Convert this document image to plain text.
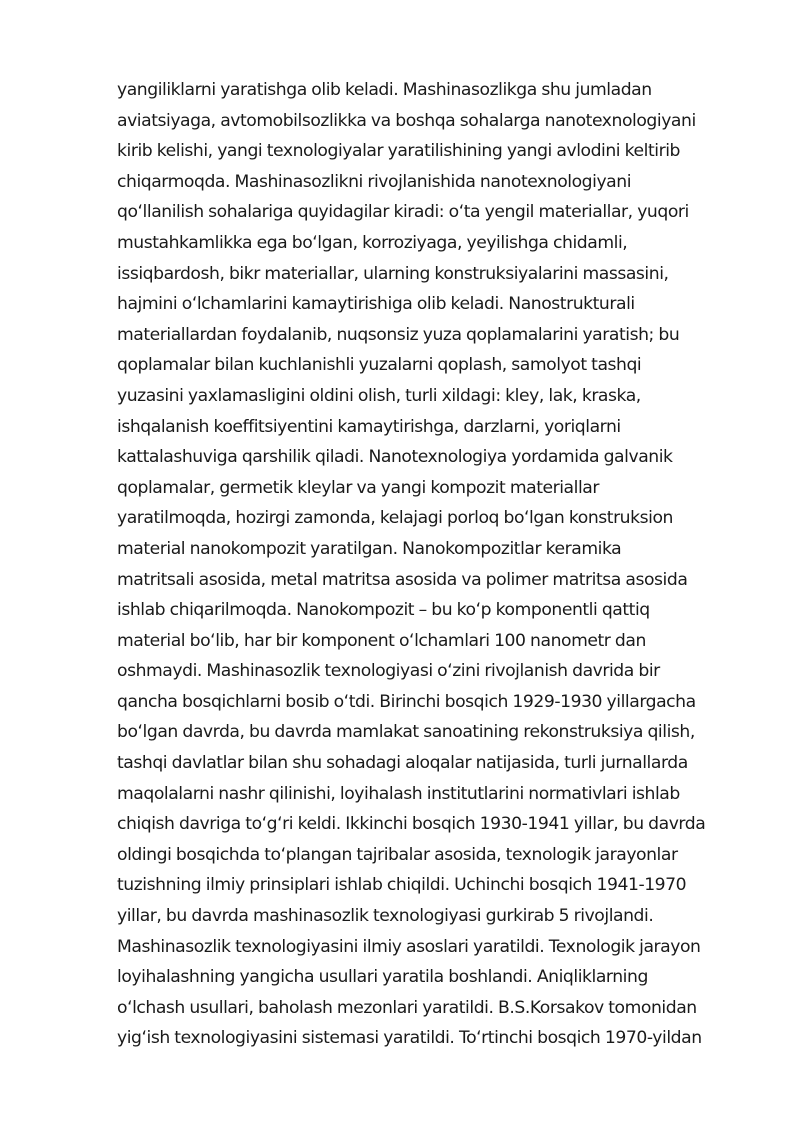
yangiliklarni yaratishga olib keladi. Mashinasozlikga shu jumladan
aviatsiyaga, avtomobilsozlikka va boshqa sohalarga nanotexnologiyani
kirib kelishi, yangi texnologiyalar yaratilishining yangi avlodini keltirib
chiqarmoqda. Mashinasozlikni rivojlanishida nanotexnologiyani
qoʻllanilish sohalariga quyidagilar kiradi: oʻta yengil materiallar, yuqori
mustahkamlikka ega boʻlgan, korroziyaga, yeyilishga chidamli,
issiqbardosh, bikr materiallar, ularning konstruksiyalarini massasini,
hajmini oʻlchamlarini kamaytirishiga olib keladi. Nanostrukturali
materiallardan foydalanib, nuqsonsiz yuza qoplamalarini yaratish; bu
qoplamalar bilan kuchlanishli yuzalarni qoplash, samolyot tashqi
yuzasini yaxlamasligini oldini olish, turli xildagi: kley, lak, kraska,
ishqalanish koeffitsiyentini kamaytirishga, darzlarni, yoriqlarni
kattalashuviga qarshilik qiladi. Nanotexnologiya yordamida galvanik
qoplamalar, germetik kleylar va yangi kompozit materiallar
yaratilmoqda, hozirgi zamonda, kelajagi porloq boʻlgan konstruksion
material nanokompozit yaratilgan. Nanokompozitlar keramika
matritsali asosida, metal matritsa asosida va polimer matritsa asosida
ishlab chiqarilmoqda. Nanokompozit – bu koʻp komponentli qattiq
material boʻlib, har bir komponent oʻlchamlari 100 nanometr dan
oshmaydi. Mashinasozlik texnologiyasi oʻzini rivojlanish davrida bir
qancha bosqichlarni bosib oʻtdi. Birinchi bosqich 1929-1930 yillargacha
boʻlgan davrda, bu davrda mamlakat sanoatining rekonstruksiya qilish,
tashqi davlatlar bilan shu sohadagi aloqalar natijasida, turli jurnallarda
maqolalarni nashr qilinishi, loyihalash institutlarini normativlari ishlab
chiqish davriga toʻgʻri keldi. Ikkinchi bosqich 1930-1941 yillar, bu davrda
oldingi bosqichda toʻplangan tajribalar asosida, texnologik jarayonlar
tuzishning ilmiy prinsiplari ishlab chiqildi. Uchinchi bosqich 1941-1970
yillar, bu davrda mashinasozlik texnologiyasi gurkirab 5 rivojlandi.
Mashinasozlik texnologiyasini ilmiy asoslari yaratildi. Texnologik jarayon
loyihalashning yangicha usullari yaratila boshlandi. Aniqliklarning
oʻlchash usullari, baholash mezonlari yaratildi. B.S.Korsakov tomonidan
yigʻish texnologiyasini sistemasi yaratildi. Toʻrtinchi bosqich 1970-yildan
